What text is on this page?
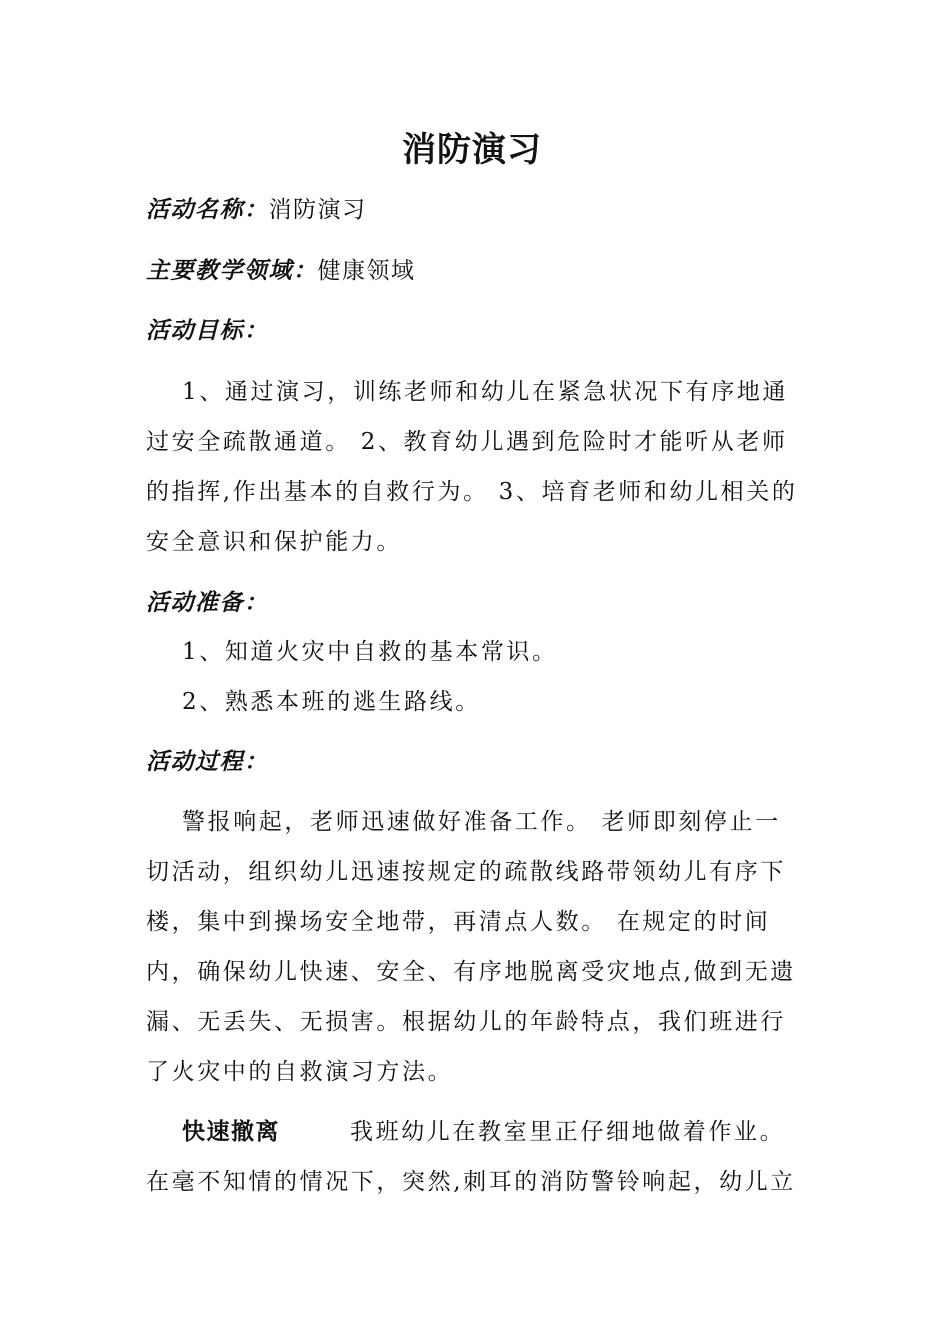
消防演习
活动名称：消防演习
主要教学领域：健康领域
活动目标：
1、通过演习，训练老师和幼儿在紧急状况下有序地通
过安全疏散通道。 2、教育幼儿遇到危险时才能听从老师
的指挥,作出基本的自救行为。 3、培育老师和幼儿相关的
安全意识和保护能力。
活动准备：
1、知道火灾中自救的基本常识。
2、熟悉本班的逃生路线。
活动过程：
警报响起，老师迅速做好准备工作。 老师即刻停止一
切活动，组织幼儿迅速按规定的疏散线路带领幼儿有序下
楼，集中到操场安全地带，再清点人数。 在规定的时间
内，确保幼儿快速、安全、有序地脱离受灾地点,做到无遗
漏、无丢失、无损害。根据幼儿的年龄特点，我们班进行
了火灾中的自救演习方法。
快速撤离	我班幼儿在教室里正仔细地做着作业。
在毫不知情的情况下，突然,刺耳的消防警铃响起，幼儿立
